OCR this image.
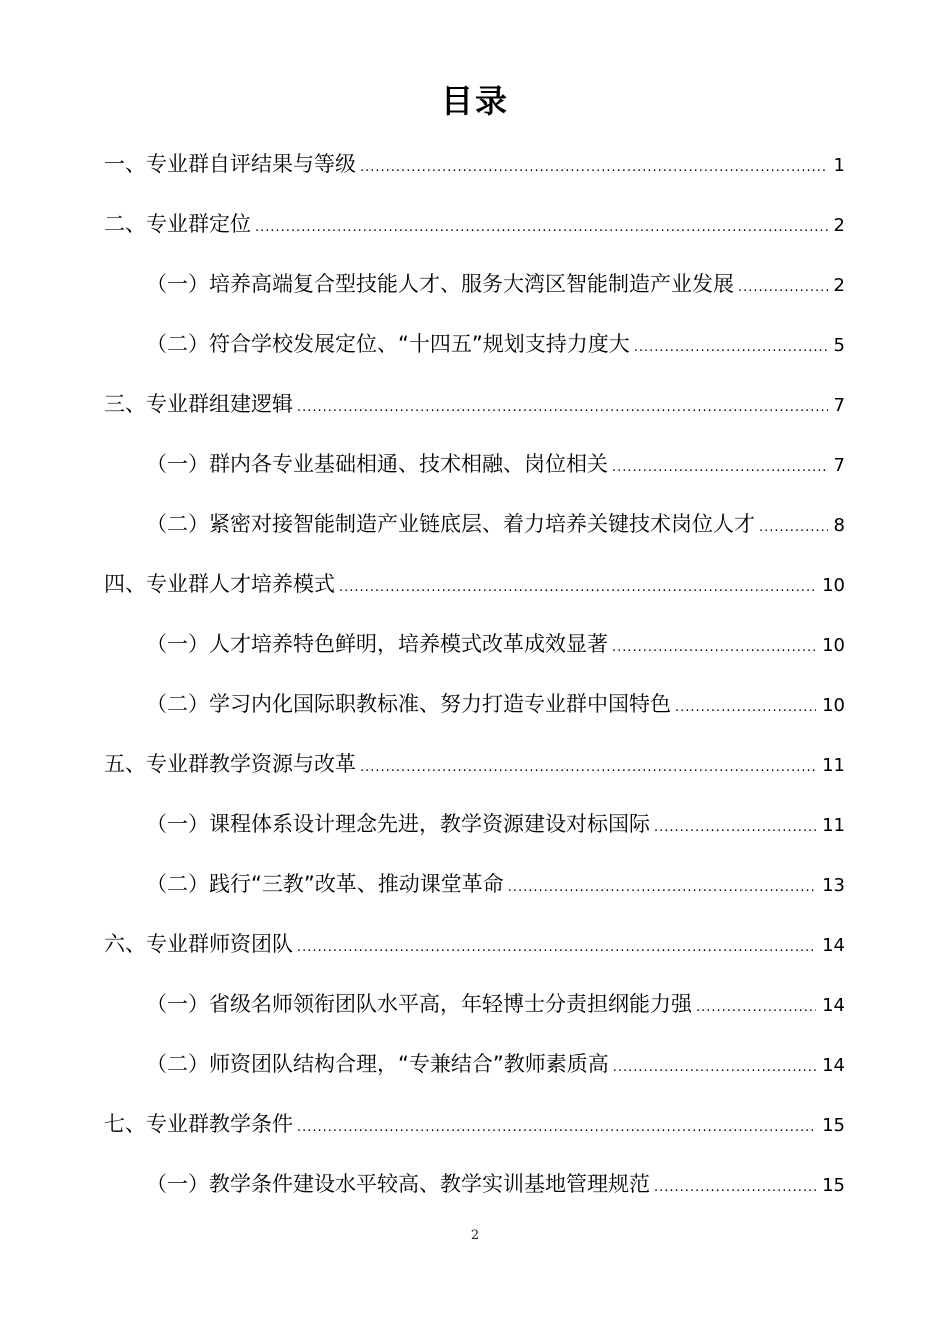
目录
一、专业群自评结果与等级 .....	1
二、专业群定位 .....	2
（一）培养高端复合型技能人才、服务大湾区智能制造产业发展 .....	2
（二）符合学校发展定位、“十四五”规划支持力度大 .....	5
三、专业群组建逻辑 .....	7
（一）群内各专业基础相通、技术相融、岗位相关 .....	7
（二）紧密对接智能制造产业链底层、着力培养关键技术岗位人才 .....	8
四、专业群人才培养模式 .....	10
（一）人才培养特色鲜明，培养模式改革成效显著 .....	10
（二）学习内化国际职教标准、努力打造专业群中国特色 .....	10
五、专业群教学资源与改革 .....	11
（一）课程体系设计理念先进，教学资源建设对标国际 .....	11
（二）践行“三教”改革、推动课堂革命 .....	13
六、专业群师资团队 .....	14
（一）省级名师领衔团队水平高，年轻博士分责担纲能力强 .....	14
（二）师资团队结构合理，“专兼结合”教师素质高 .....	14
七、专业群教学条件 .....	15
（一）教学条件建设水平较高、教学实训基地管理规范 .....	15
2
